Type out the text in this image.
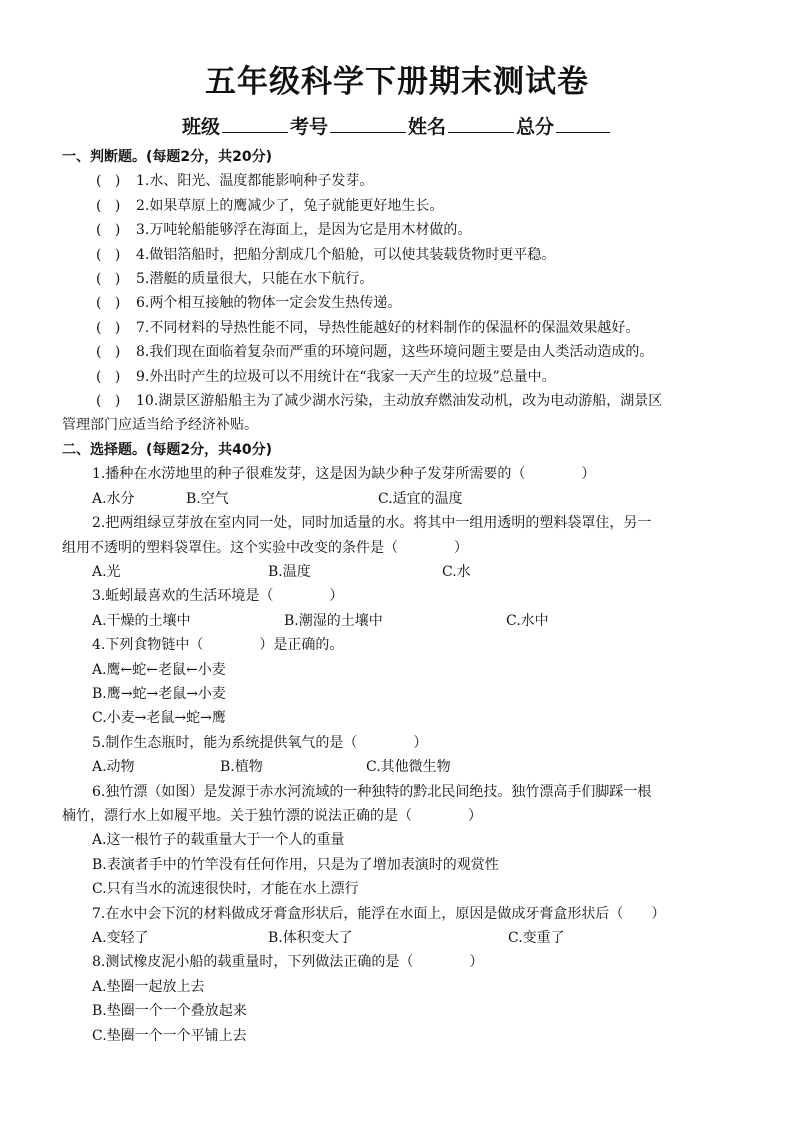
五年级科学下册期末测试卷
班级	考号	姓名	总分
一、判断题。(每题2分，共20分)
( ) 1.水、阳光、温度都能影响种子发芽。
( ) 2.如果草原上的鹰减少了，兔子就能更好地生长。
( ) 3.万吨轮船能够浮在海面上，是因为它是用木材做的。
( ) 4.做铝箔船时，把船分割成几个船舱，可以使其装载货物时更平稳。
( ) 5.潜艇的质量很大，只能在水下航行。
( ) 6.两个相互接触的物体一定会发生热传递。
( ) 7.不同材料的导热性能不同，导热性能越好的材料制作的保温杯的保温效果越好。
( ) 8.我们现在面临着复杂而严重的环境问题，这些环境问题主要是由人类活动造成的。
( ) 9.外出时产生的垃圾可以不用统计在“我家一天产生的垃圾”总量中。
( ) 10.湖景区游船船主为了减少湖水污染，主动放弃燃油发动机，改为电动游船，湖景区
管理部门应适当给予经济补贴。
二、选择题。(每题2分，共40分)
1.播种在水涝地里的种子很难发芽，这是因为缺少种子发芽所需要的（　　　　）
A.水分	B.空气	C.适宜的温度
2.把两组绿豆芽放在室内同一处，同时加适量的水。将其中一组用透明的塑料袋罩住，另一
组用不透明的塑料袋罩住。这个实验中改变的条件是（　　　　）
A.光	B.温度	C.水
3.蚯蚓最喜欢的生活环境是（　　　　）
A.干燥的土壤中	B.潮湿的土壤中	C.水中
4.下列食物链中（　　　　）是正确的。
A.鹰←蛇←老鼠←小麦
B.鹰→蛇→老鼠→小麦
C.小麦→老鼠→蛇→鹰
5.制作生态瓶时，能为系统提供氧气的是（　　　　）
A.动物	B.植物	C.其他微生物
6.独竹漂（如图）是发源于赤水河流域的一种独特的黔北民间绝技。独竹漂高手们脚踩一根
楠竹，漂行水上如履平地。关于独竹漂的说法正确的是（　　　　）
A.这一根竹子的载重量大于一个人的重量
B.表演者手中的竹竿没有任何作用，只是为了增加表演时的观赏性
C.只有当水的流速很快时，才能在水上漂行
7.在水中会下沉的材料做成牙膏盒形状后，能浮在水面上，原因是做成牙膏盒形状后（　　）
A.变轻了	B.体积变大了	C.变重了
8.测试橡皮泥小船的载重量时，下列做法正确的是（　　　　）
A.垫圈一起放上去
B.垫圈一个一个叠放起来
C.垫圈一个一个平铺上去
